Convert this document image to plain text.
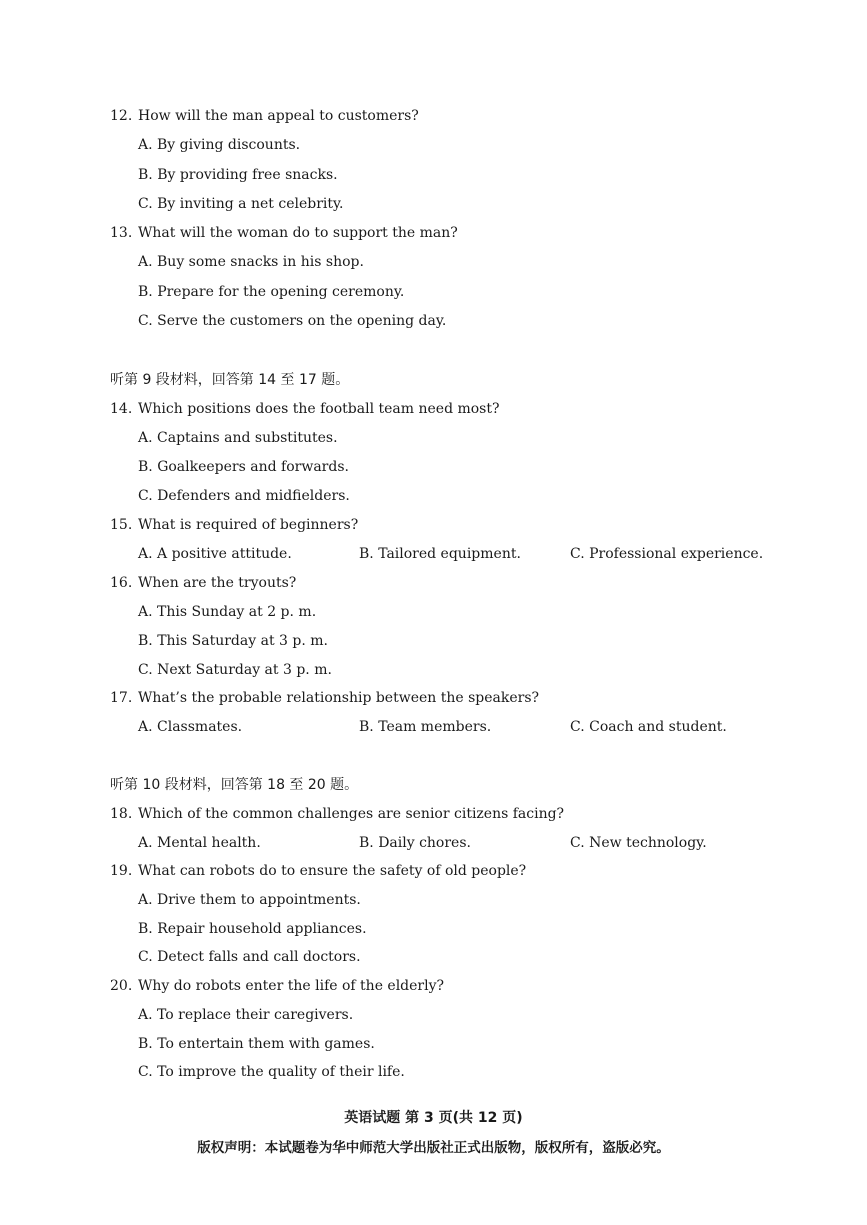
12. How will the man appeal to customers?
A. By giving discounts.
B. By providing free snacks.
C. By inviting a net celebrity.
13. What will the woman do to support the man?
A. Buy some snacks in his shop.
B. Prepare for the opening ceremony.
C. Serve the customers on the opening day.
听第 9 段材料，回答第 14 至 17 题。
14. Which positions does the football team need most?
A. Captains and substitutes.
B. Goalkeepers and forwards.
C. Defenders and midfielders.
15. What is required of beginners?
A. A positive attitude.	B. Tailored equipment.	C. Professional experience.
16. When are the tryouts?
A. This Sunday at 2 p. m.
B. This Saturday at 3 p. m.
C. Next Saturday at 3 p. m.
17. What’s the probable relationship between the speakers?
A. Classmates.	B. Team members.	C. Coach and student.
听第 10 段材料，回答第 18 至 20 题。
18. Which of the common challenges are senior citizens facing?
A. Mental health.	B. Daily chores.	C. New technology.
19. What can robots do to ensure the safety of old people?
A. Drive them to appointments.
B. Repair household appliances.
C. Detect falls and call doctors.
20. Why do robots enter the life of the elderly?
A. To replace their caregivers.
B. To entertain them with games.
C. To improve the quality of their life.
英语试题 第 3 页(共 12 页)
版权声明：本试题卷为华中师范大学出版社正式出版物，版权所有，盗版必究。
